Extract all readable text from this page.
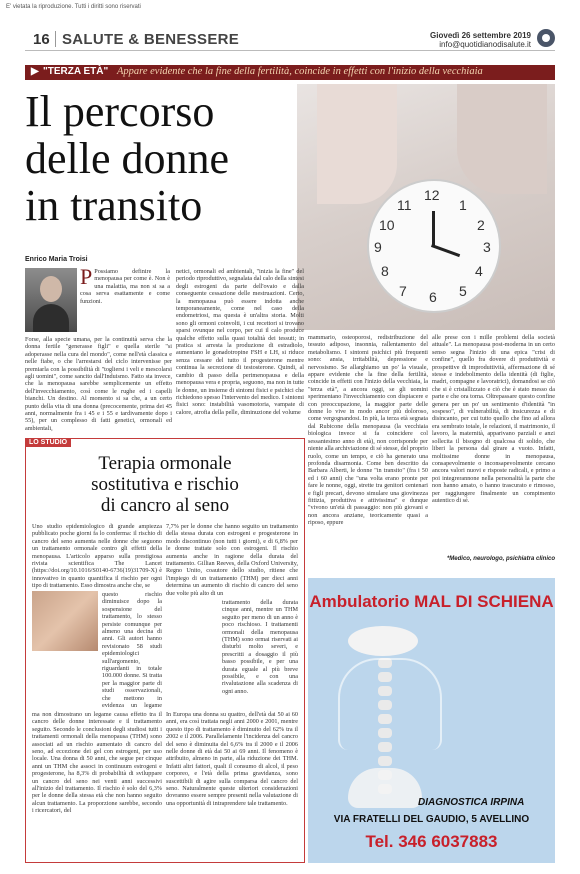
E' vietata la riproduzione. Tutti i diritti sono riservati
16 SALUTE & BENESSERE	Giovedì 26 settembre 2019
info@quotidianodisalute.it
▶ "TERZA ETÀ" Appare evidente che la fine della fertilità, coincide in effetti con l'inizio della vecchiaia
Il percorso
delle donne
in transito	12
11	1
10	2
9	3
8	4
7 6 5
Enrico Maria Troisi
P Possiamo definire la menopausa per come è. Non è una malattia, ma non si sa a cosa serva esattamente e come funzioni.
Forse, alla specie umana, per la continuità serva che la donna fertile "generasse figli" e quella sterile "si adoperasse nella cura del mondo", come nell'età classica e nelle fiabe, o che l'arrestarsi del ciclo intervenisse per premiarla con la possibilità di "togliersi i veli e mescolarsi agli uomini", come sancito dall'Induismo. Fatto sta invece, che la menopausa sarebbe semplicemente un effetto dell'invecchiamento, così come le rughe ed i capelli bianchi. Un destino. Al momento si sa che, a un certo punto della vita di una donna (precocemente, prima dei 45 anni, normalmente fra i 45 e i 55 e tardivamente dopo i 55), per un complesso di fatti genetici, ormonali ed ambientali,
netici, ormonali ed ambientali, "inizia la fine" del periodo riproduttivo, segnalata dal calo della sintesi degli estrogeni da parte dell'ovaio e dalla conseguente cessazione delle mestruazioni. Certo, la menopausa può essere indotta anche temporaneamente, come nel caso della endometriosi, ma questa è un'altra storia. Molti sono gli ormoni coinvolti, i cui recettori si trovano sparsi ovunque nel corpo, per cui il calo produce qualche effetto sulla quasi totalità dei tessuti; in pratica si arresta la produzione di estradiolo, aumentano le gonadotropine FSH e LH, si riduce senza cessare del tutto il progesterone mentre continua la secrezione di testosterone. Quindi, al cambio di passo della perimenopausa e della menopausa vera e propria, seguono, ma non in tutte le donne, un insieme di sintomi fisici e psichici che richiedono spesso l'intervento del medico. I sintomi fisici sono: instabilità vasomotoria, vampate di calore, atrofia della pelle, diminuzione del volume
mammario, osteoporosi, redistribuzione del tessuto adiposo, insonnia, rallentamento del metabolismo. I sintomi psichici più frequenti sono: ansia, irritabilità, depressione e nervosismo. Se allarghiamo un po' la visuale, appare evidente che la fine della fertilità, coincide in effetti con l'inizio della vecchiaia, la "terza età", a ancora oggi, se gli uomini sperimentano l'invecchiamento con dispiacere e con preoccupazione, la maggior parte delle donne lo vive in modo ancor più doloroso, come vergognandosi. In più, la terza età segnata dal Rubicone della menopausa (la vecchiaia biologica invece si fa coincidere col sessantesimo anno di età), non corrisponde per niente alla archiviazione di sé stesse, del proprio ruolo, come un tempo, e ciò ha generato una profonda disarmonia. Come ben descritto da Barbara Alberti, le donne "in transito" (fra i 50 ed i 60 anni) che "una volta erano pronte per fare le nonne, oggi, strette tra genitori centenari e figli precari, devono simulare una giovinezza fittizia, produttiva e attivissima" e dunque "vivono un'età di passaggio: non più giovani e non ancora anziane, teoricamente quasi a riposo, eppure
alle prese con i mille problemi della società attuale". La menopausa post-moderna in un certo senso segna l'inizio di una epica "crisi di confine", quello fra dovere di produttività e prospettive di improduttività, affermazione di sé stesse e indebolimento della identità (di figlie, madri, compagne e lavoratrici), domandosi se ciò che si è cristallizzato e ciò che è stato messo da parte e che ora torna. Oltrepassare questo confine genera per un po' un sentimento d'identità "in sospeso", di vulnerabilità, di insicurezza e di disincanto, per cui tutto quello che fino ad allora era sembrato totale, le relazioni, il matrimonio, il lavoro, la maternità, apparivano parziali e anzi sollecita il bisogno di qualcosa di solido, che liberi la persona dal girare a vuoto. Infatti, moltissime donne in menopausa, consapevolmente o inconsapevolmente cercano ancora valori nuovi e risposte radicali, e primo a poi integrerannone nella personalità la parte che non hanno amato, o hanno trascurato e rimosso, per raggiungere finalmente un compimento autentico di sé.
*Medico, neurologo, psichiatra clinico
LO STUDIO
Terapia ormonale
sostitutiva e rischio
di cancro al seno
Uno studio epidemiologico di grande ampiezza pubblicato poche giorni fa lo conferma: il rischio di cancro del seno aumenta nelle donne che seguono un trattamento ormonale contro gli effetti della menopausa. L'articolo apparso sulla prestigiosa rivista scientifica The Lancet (https://doi.org/10.1016/S0140-6736(19)31709-X) è innovativo in quanto quantifica il rischio per ogni tipo di trattamento. Esso dimostra anche che, se
questo rischio diminuisce dopo la sospensione del trattamento, lo stesso persiste comunque per almeno una decina di anni. Gli autori hanno revisionato 58 studi epidemiologici sull'argomento, riguardanti in totale 100.000 donne. Si tratta per la maggior parte di studi osservazionali, che mettono in evidenza un legame
ma non dimostrano un legame causa effetto tra il cancro delle donne interessate e il trattamento seguito. Secondo le conclusioni degli studiosi tutti i trattamenti ormonali della menopausa (THM) sono associati ad un rischio aumentato di cancro del seno, ad eccezione dei gel con estrogeni, per uso locale. Una donna di 50 anni, che segue per cinque anni un THM che associ in continuum estrogeni e progesterone, ha 8,3% di probabilità di sviluppare un cancro del seno nei venti anni successivi all'inizio del trattamento. Il rischio è solo del 6,3% per le donne della stessa età che non hanno seguito alcun trattamento. La proporzione sarebbe, secondo i ricercatori, del
7,7% per le donne che hanno seguito un trattamento della stessa durata con estrogeni e progesterone in modo discontinuo (non tutti i giorni), e di 6,8% per le donne trattate solo con estrogeni. Il rischio aumenta anche in ragione della durata del trattamento. Gillian Reeves, della Oxford University, Regno Unito, coautore dello studio, ritiene che l'impiego di un trattamento (THM) per dieci anni determina un aumento di rischio di cancro del seno due volte più alto di un
trattamento della durata cinque anni, mentre un THM seguito per meno di un anno è poco rischioso. I trattamenti ormonali della menopausa (THM) sono ormai riservati ai disturbi molto severi, e prescritti a dosaggio il più basso possibile, e per una durata eguale al più breve possibile, e con una rivalutazione alla scadenza di ogni anno.
In Europa una donna su quattro, dell'età dai 50 ai 60 anni, era così trattata negli anni 2000 e 2001, mentre questo tipo di trattamento è diminuito del 62% tra il 2002 e il 2006. Parallelamente l'incidenza del cancro del seno è diminuita del 6,6% tra il 2000 e il 2006 nelle donne di età dai 50 ai 69 anni. Il fenomeno è attribuito, almeno in parte, alla riduzione dei THM. Infatti altri fattori, quali il consumo di alcol, il peso corporeo, e l'età della prima gravidanza, sono suscettibili di agire sulla comparsa del cancro del seno. Naturalmente queste ulteriori considerazioni dovranno essere sempre presenti nella valutazione di una opportunità di intraprendere tale trattamento.
Ambulatorio MAL DI SCHIENA
DIAGNOSTICA IRPINA
VIA FRATELLI DEL GAUDIO, 5 AVELLINO
Tel. 346 6037883
